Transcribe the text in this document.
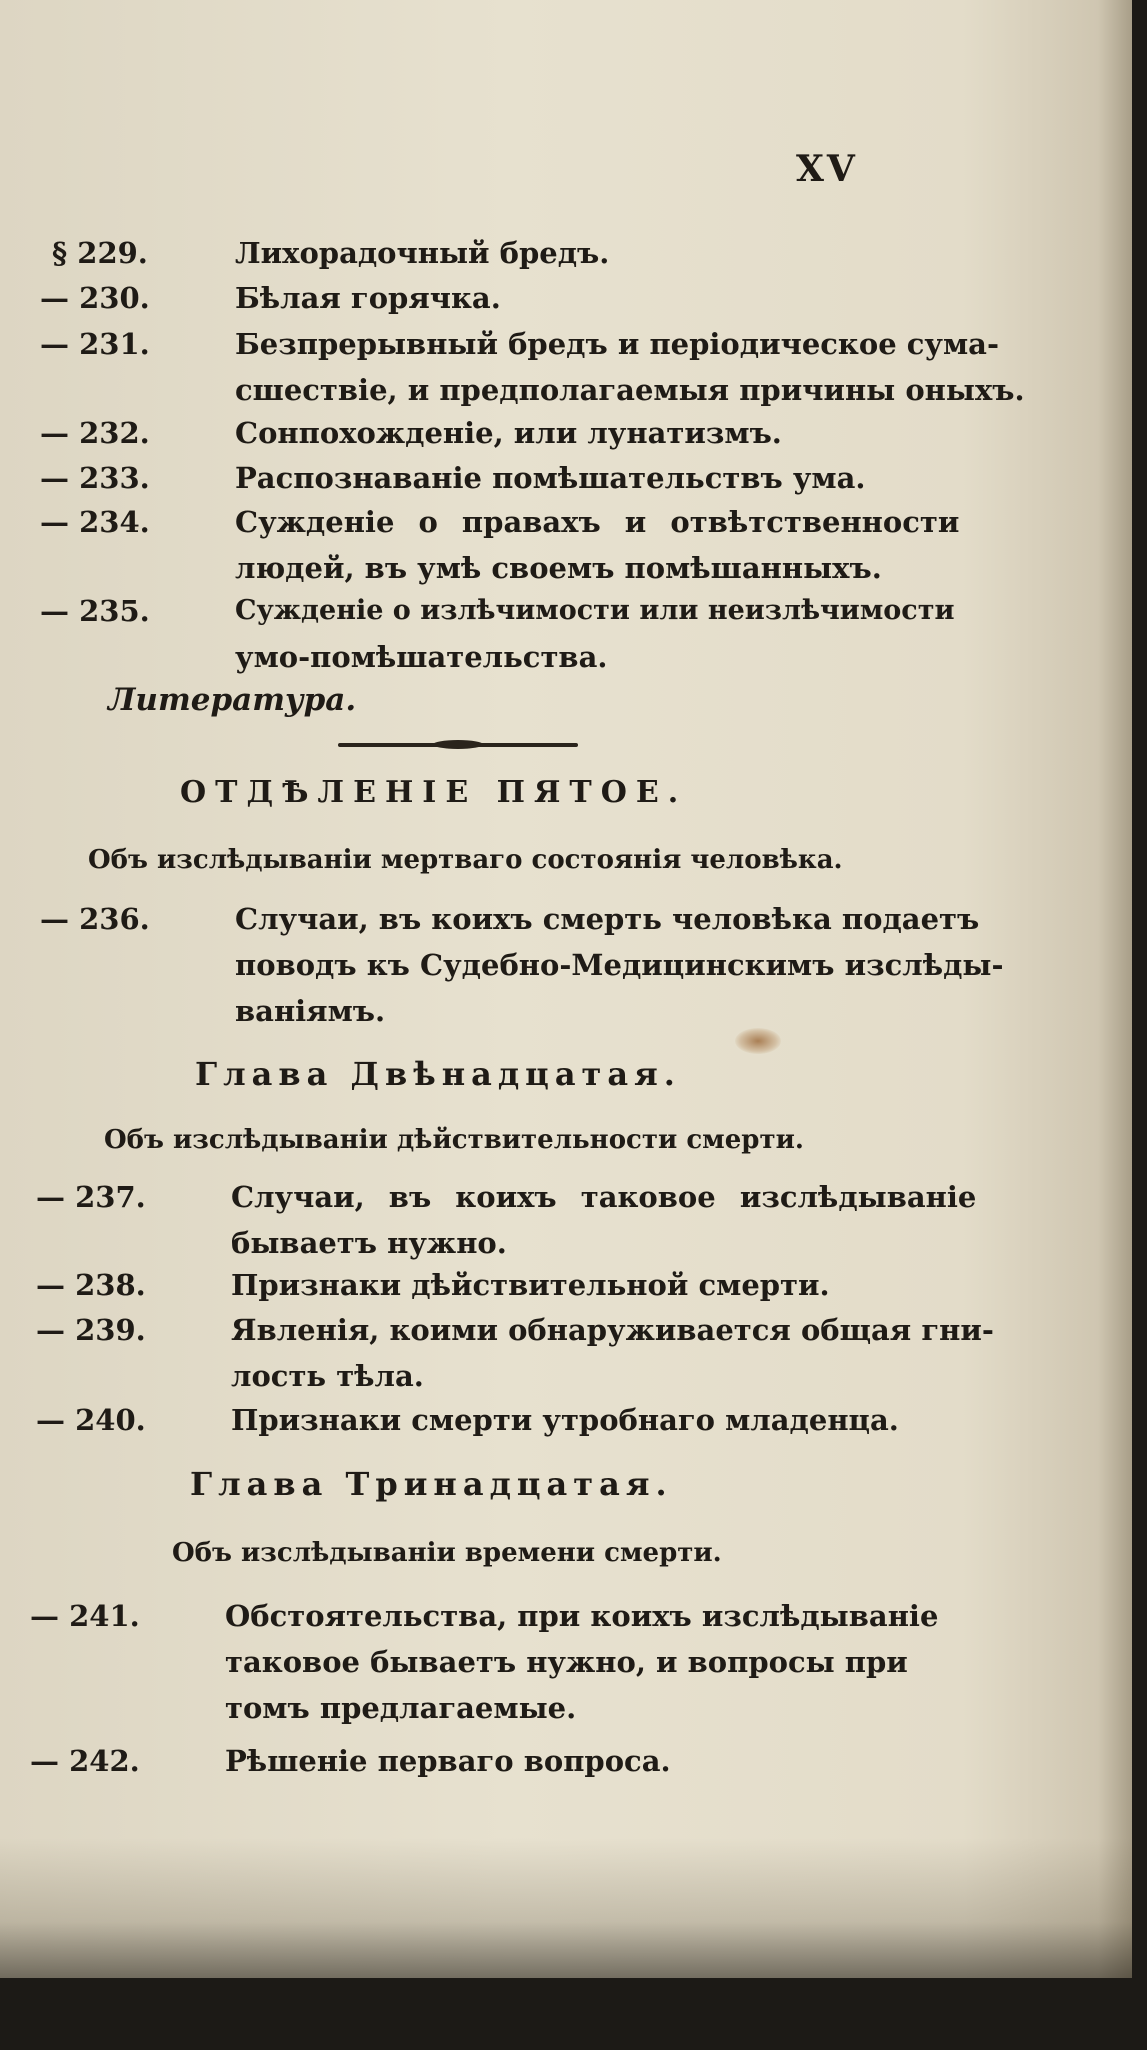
XV
§ 229.	Лихорадочный бредъ.
— 230.	Бѣлая горячка.
— 231.	Безпрерывный бредъ и періодическое сума-
сшествіе, и предполагаемыя причины оныхъ.
— 232.	Сонпохожденіе, или лунатизмъ.
— 233.	Распознаваніе помѣшательствъ ума.
— 234.	Сужденіе о правахъ и отвѣтственности
людей, въ умѣ своемъ помѣшанныхъ.
— 235.	Сужденіе о излѣчимости или неизлѣчимости
умо-помѣшательства.
Литература.
ОТДѢЛЕНІЕ ПЯТОЕ.
Объ изслѣдываніи мертваго состоянія человѣка.
— 236.	Случаи, въ коихъ смерть человѣка подаетъ
поводъ къ Судебно-Медицинскимъ изслѣды-
ваніямъ.
Глава Двѣнадцатая.
Объ изслѣдываніи дѣйствительности смерти.
— 237.	Случаи, въ коихъ таковое изслѣдываніе
бываетъ нужно.
— 238.	Признаки дѣйствительной смерти.
— 239.	Явленія, коими обнаруживается общая гни-
лость тѣла.
— 240.	Признаки смерти утробнаго младенца.
Глава Тринадцатая.
Объ изслѣдываніи времени смерти.
— 241.	Обстоятельства, при коихъ изслѣдываніе
таковое бываетъ нужно, и вопросы при
томъ предлагаемые.
— 242.	Рѣшеніе перваго вопроса.
